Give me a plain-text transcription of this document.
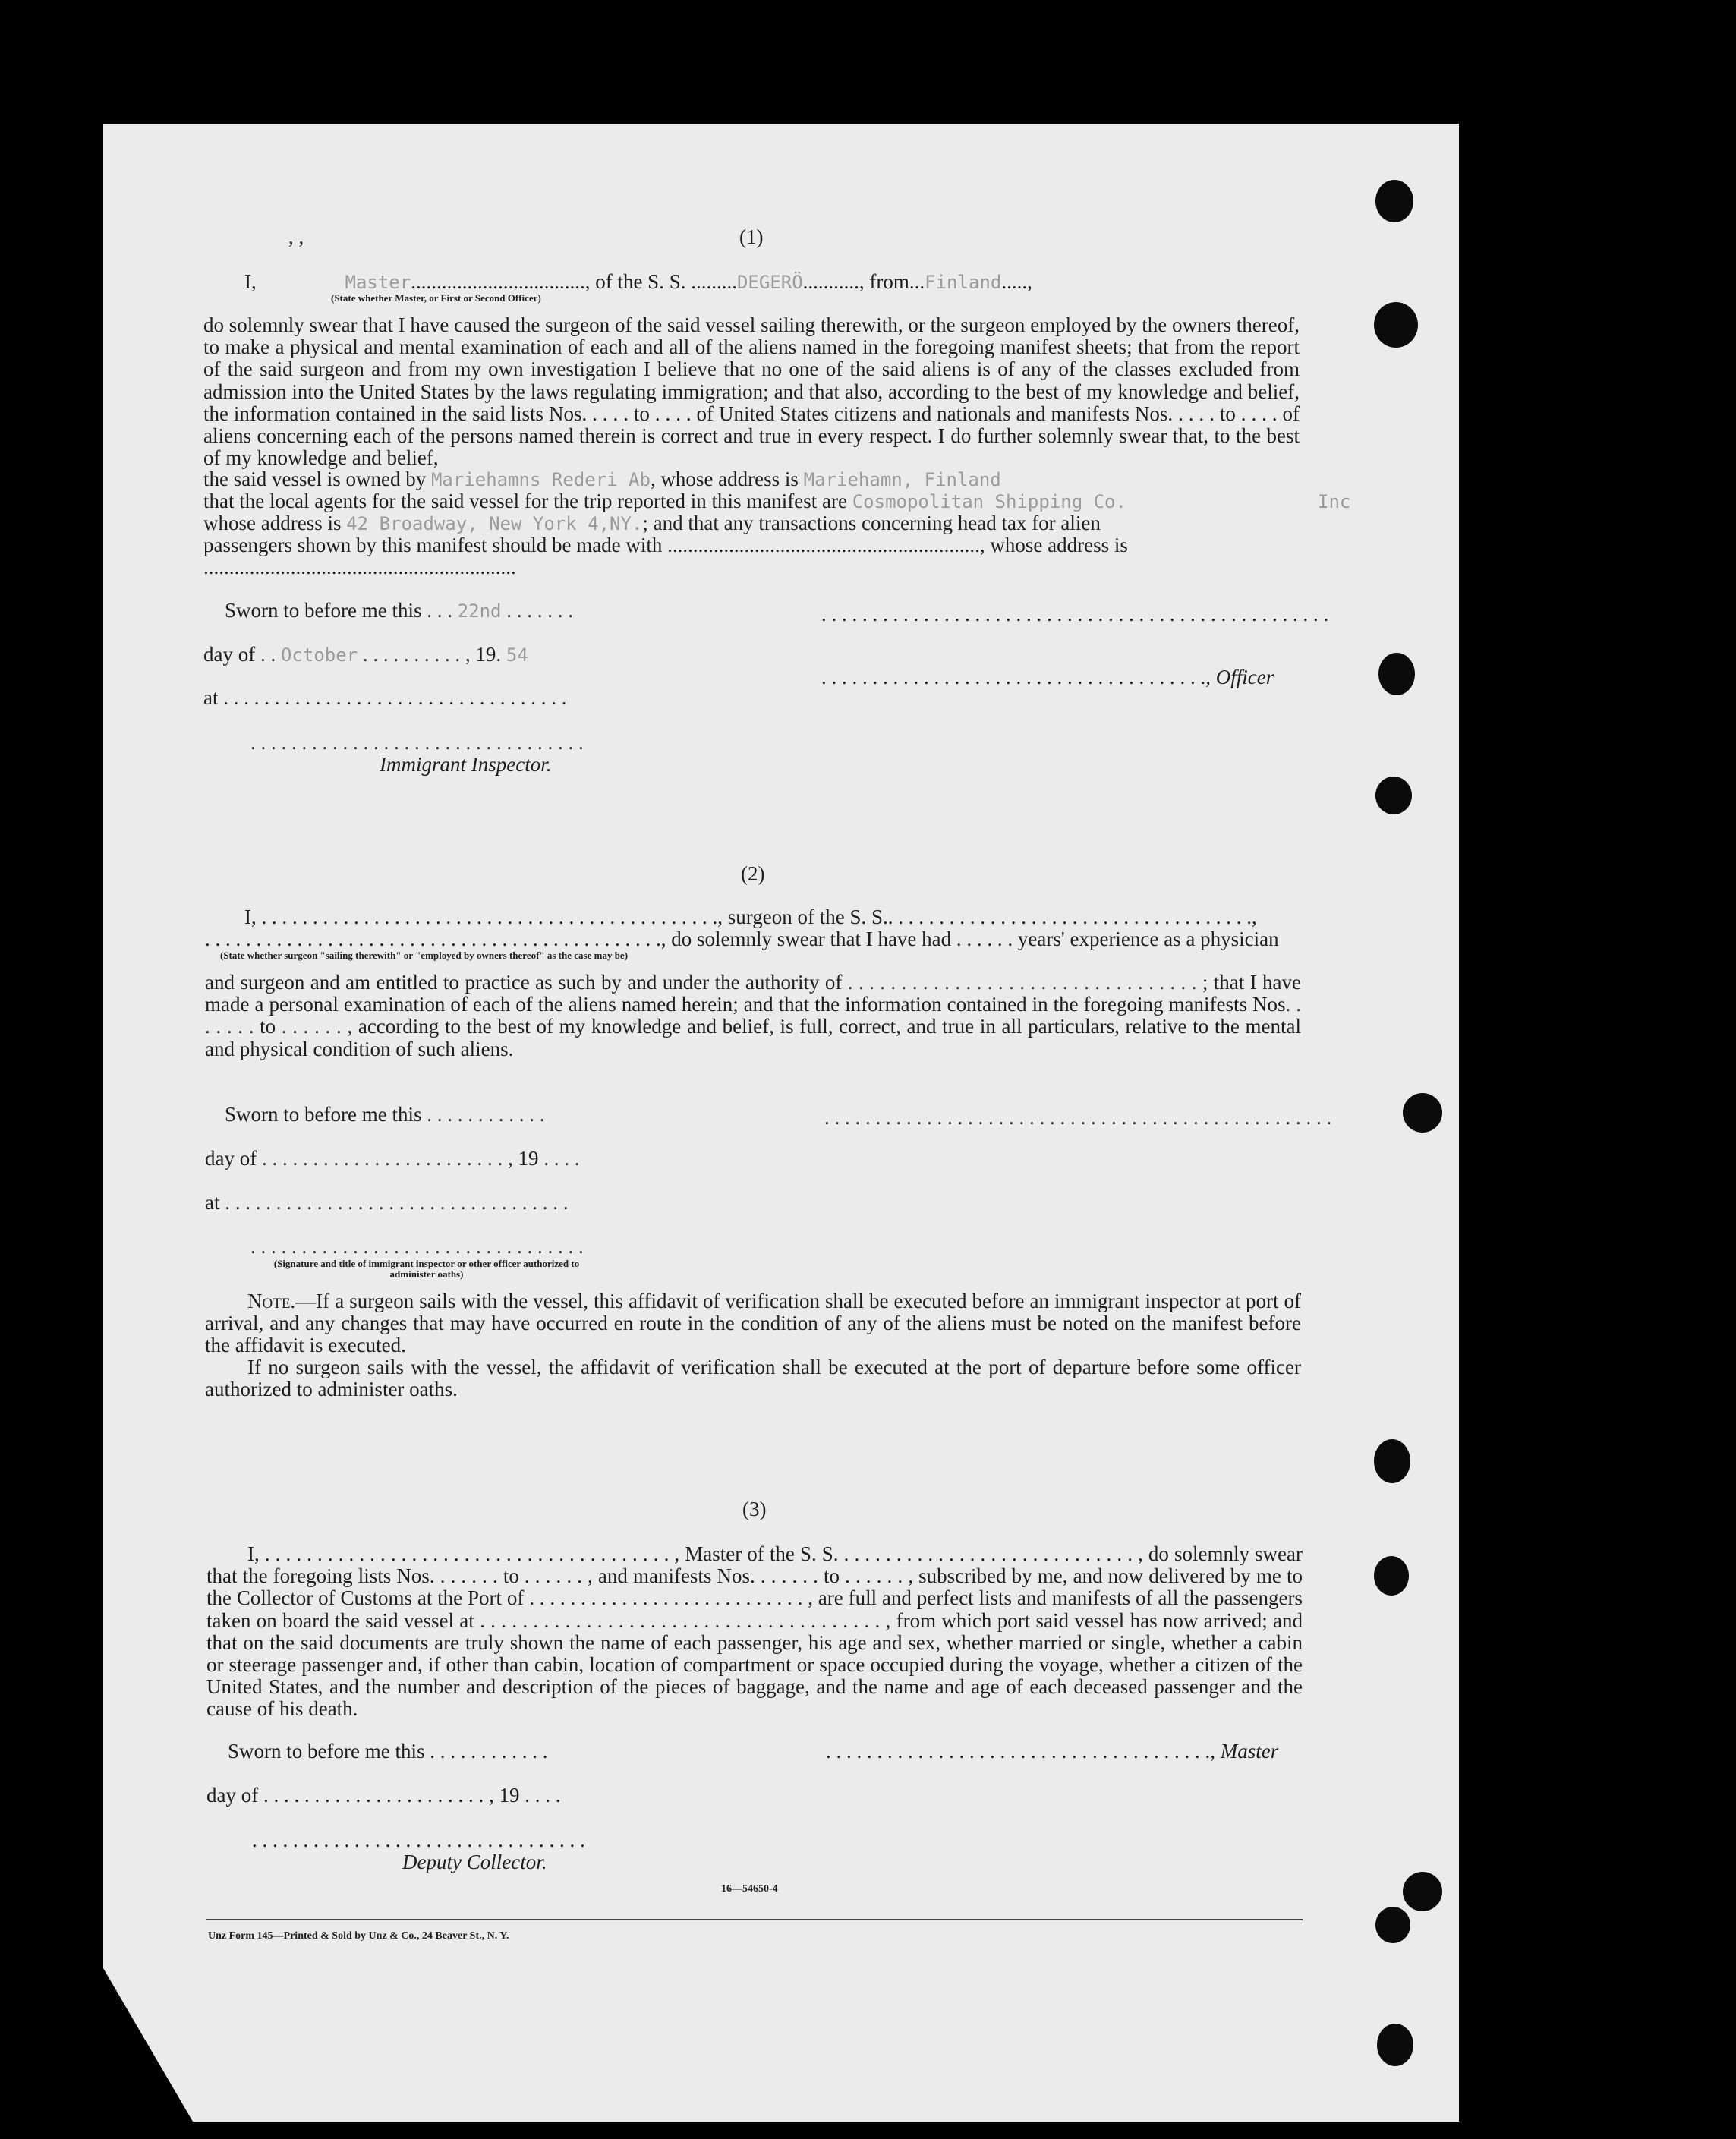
, ,	(1)
I,	Master.................................., of the S. S. .........DEGERÖ..........., from...Finland.....,
(State whether Master, or First or Second Officer)
do solemnly swear that I have caused the surgeon of the said vessel sailing therewith, or the surgeon employed by the owners thereof, to make a physical and mental examination of each and all of the aliens named in the foregoing manifest sheets; that from the report of the said surgeon and from my own investigation I believe that no one of the said aliens is of any of the classes excluded from admission into the United States by the laws regulating immigration; and that also, according to the best of my knowledge and belief, the information contained in the said lists Nos. . . . . to . . . . of United States citizens and nationals and manifests Nos. . . . . to . . . . of aliens concerning each of the persons named therein is correct and true in every respect. I do further solemnly swear that, to the best of my knowledge and belief,
the said vessel is owned by Mariehamns Rederi Ab, whose address is Mariehamn, Finland
that the local agents for the said vessel for the trip reported in this manifest are Cosmopolitan Shipping Co.	Inc
whose address is 42 Broadway, New York 4,NY.; and that any transactions concerning head tax for alien
passengers shown by this manifest should be made with ............................................................., whose address is
.............................................................
Sworn to before me this . . . 22nd . . . . . . .	. . . . . . . . . . . . . . . . . . . . . . . . . . . . . . . . . . . . . . . . . . . . . . . . . .
day of . . October . . . . . . . . . . , 19. 54
. . . . . . . . . . . . . . . . . . . . . . . . . . . . . . . . . . . . . ., Officer
at . . . . . . . . . . . . . . . . . . . . . . . . . . . . . . . . . .
. . . . . . . . . . . . . . . . . . . . . . . . . . . . . . . . .
Immigrant Inspector.
(2)
I, . . . . . . . . . . . . . . . . . . . . . . . . . . . . . . . . . . . . . . . . . . . . ., surgeon of the S. S.. . . . . . . . . . . . . . . . . . . . . . . . . . . . . . . . . . . .,
. . . . . . . . . . . . . . . . . . . . . . . . . . . . . . . . . . . . . . . . . . . . ., do solemnly swear that I have had . . . . . . years' experience as a physician
(State whether surgeon "sailing therewith" or "employed by owners thereof" as the case may be)
and surgeon and am entitled to practice as such by and under the authority of . . . . . . . . . . . . . . . . . . . . . . . . . . . . . . . . . ; that I have made a personal examination of each of the aliens named herein; and that the information contained in the foregoing manifests Nos. . . . . . . to . . . . . . , according to the best of my knowledge and belief, is full, correct, and true in all particulars, relative to the mental and physical condition of such aliens.
Sworn to before me this . . . . . . . . . . . .	. . . . . . . . . . . . . . . . . . . . . . . . . . . . . . . . . . . . . . . . . . . . . . . . . .
day of . . . . . . . . . . . . . . . . . . . . . . . . , 19 . . . .
at . . . . . . . . . . . . . . . . . . . . . . . . . . . . . . . . . .
. . . . . . . . . . . . . . . . . . . . . . . . . . . . . . . . .
(Signature and title of immigrant inspector or other officer authorized to administer oaths)
Note.—If a surgeon sails with the vessel, this affidavit of verification shall be executed before an immigrant inspector at port of arrival, and any changes that may have occurred en route in the condition of any of the aliens must be noted on the manifest before the affidavit is executed.
If no surgeon sails with the vessel, the affidavit of verification shall be executed at the port of departure before some officer authorized to administer oaths.
(3)
I, . . . . . . . . . . . . . . . . . . . . . . . . . . . . . . . . . . . . . . . , Master of the S. S. . . . . . . . . . . . . . . . . . . . . . . . . . . . . , do solemnly swear that the foregoing lists Nos. . . . . . . to . . . . . . , and manifests Nos. . . . . . . to . . . . . . , subscribed by me, and now delivered by me to the Collector of Customs at the Port of . . . . . . . . . . . . . . . . . . . . . . . . . . . , are full and perfect lists and manifests of all the passengers taken on board the said vessel at . . . . . . . . . . . . . . . . . . . . . . . . . . . . . . . . . . . . . . , from which port said vessel has now arrived; and that on the said documents are truly shown the name of each passenger, his age and sex, whether married or single, whether a cabin or steerage passenger and, if other than cabin, location of compartment or space occupied during the voyage, whether a citizen of the United States, and the number and description of the pieces of baggage, and the name and age of each deceased passenger and the cause of his death.
Sworn to before me this . . . . . . . . . . . .	. . . . . . . . . . . . . . . . . . . . . . . . . . . . . . . . . . . . . ., Master
day of . . . . . . . . . . . . . . . . . . . . . . , 19 . . . .
. . . . . . . . . . . . . . . . . . . . . . . . . . . . . . . . .
Deputy Collector.
16—54650-4
Unz Form 145—Printed & Sold by Unz & Co., 24 Beaver St., N. Y.
